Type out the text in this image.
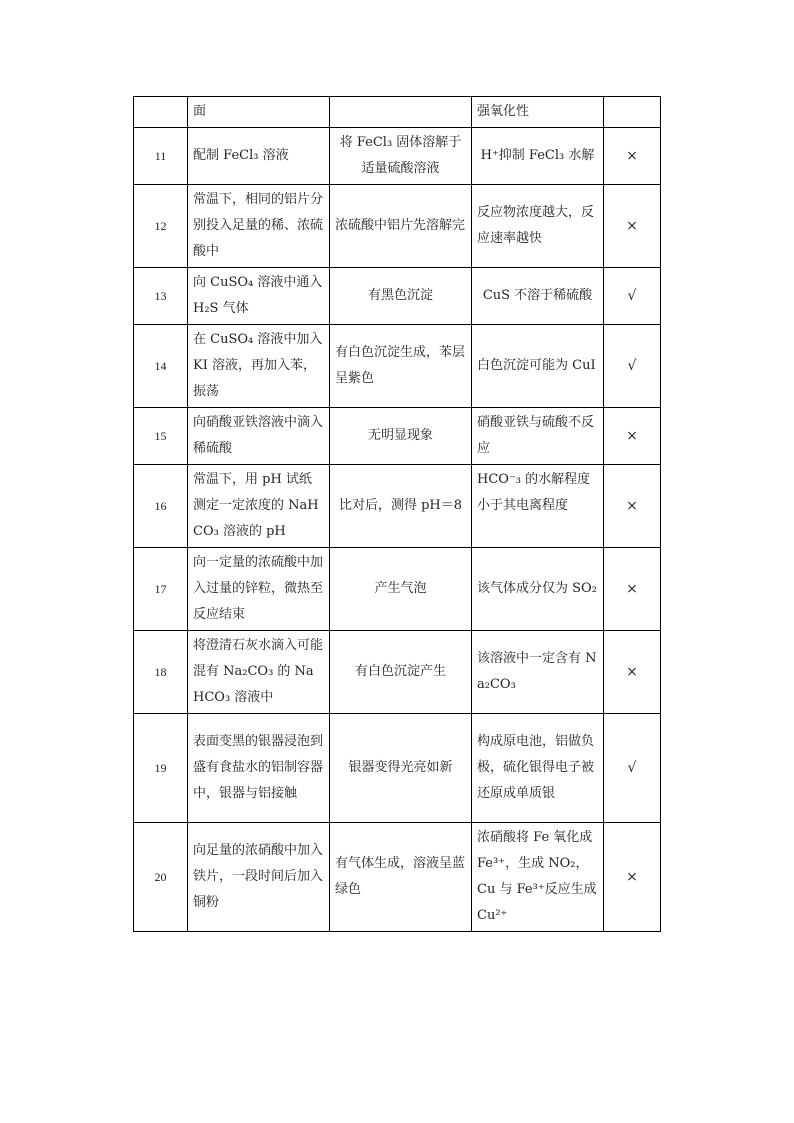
	面		强氧化性	
11	配制 FeCl₃ 溶液	将 FeCl₃ 固体溶解于适量硫酸溶液	H⁺抑制 FeCl₃ 水解	×
12	常温下，相同的铝片分别投入足量的稀、浓硫酸中	浓硫酸中铝片先溶解完	反应物浓度越大，反应速率越快	×
13	向 CuSO₄ 溶液中通入 H₂S 气体	有黑色沉淀	CuS 不溶于稀硫酸	√
14	在 CuSO₄ 溶液中加入 KI 溶液，再加入苯，振荡	有白色沉淀生成，苯层呈紫色	白色沉淀可能为 CuI	√
15	向硝酸亚铁溶液中滴入稀硫酸	无明显现象	硝酸亚铁与硫酸不反应	×
16	常温下，用 pH 试纸测定一定浓度的 NaHCO₃ 溶液的 pH	比对后，测得 pH＝8	HCO⁻₃ 的水解程度小于其电离程度	×
17	向一定量的浓硫酸中加入过量的锌粒，微热至反应结束	产生气泡	该气体成分仅为 SO₂	×
18	将澄清石灰水滴入可能混有 Na₂CO₃ 的 NaHCO₃ 溶液中	有白色沉淀产生	该溶液中一定含有 Na₂CO₃	×
19	表面变黑的银器浸泡到盛有食盐水的铝制容器中，银器与铝接触	银器变得光亮如新	构成原电池，铝做负极，硫化银得电子被还原成单质银	√
20	向足量的浓硝酸中加入铁片，一段时间后加入铜粉	有气体生成，溶液呈蓝绿色	浓硝酸将 Fe 氧化成 Fe³⁺，生成 NO₂，Cu 与 Fe³⁺反应生成 Cu²⁺	×
